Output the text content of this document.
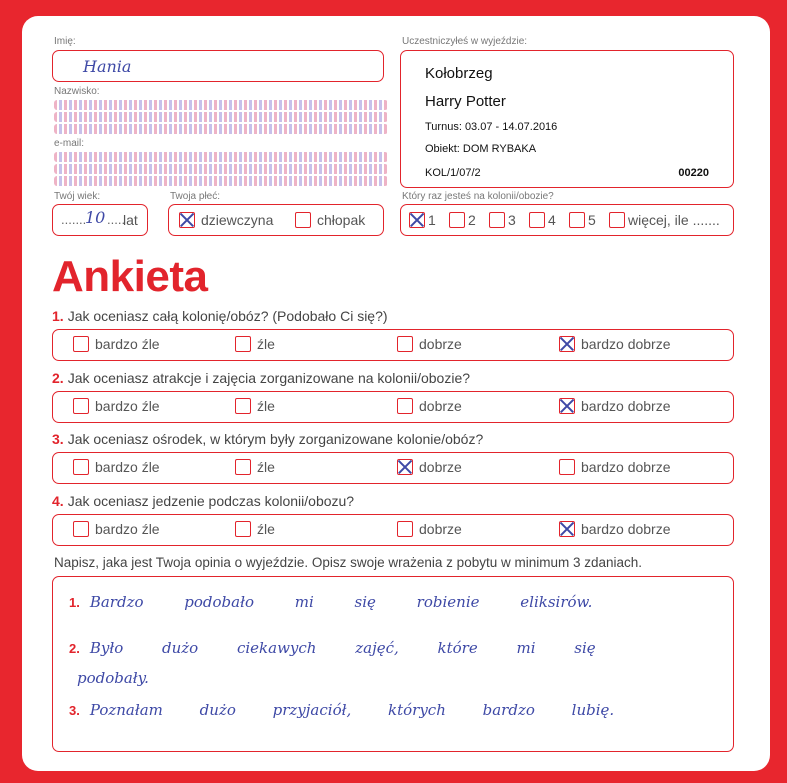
Imię:
Hania
Nazwisko:
e-mail:
Twój wiek:
.......
10 .....
lat
Twoja płeć:
dziewczyna	chłopak
Uczestniczyłeś w wyjeździe:
Kołobrzeg
Harry Potter
Turnus: 03.07 - 14.07.2016
Obiekt: DOM RYBAKA
KOL/1/07/2	00220
Który raz jesteś na kolonii/obozie?
1 2 3 4 5 więcej, ile .......
Ankieta
1. Jak oceniasz całą kolonię/obóz? (Podobało Ci się?)
bardzo źle	źle	dobrze	bardzo dobrze
2. Jak oceniasz atrakcje i zajęcia zorganizowane na kolonii/obozie?
bardzo źle	źle	dobrze	bardzo dobrze
3. Jak oceniasz ośrodek, w którym były zorganizowane kolonie/obóz?
bardzo źle	źle	dobrze	bardzo dobrze
4. Jak oceniasz jedzenie podczas kolonii/obozu?
bardzo źle	źle	dobrze	bardzo dobrze
Napisz, jaka jest Twoja opinia o wyjeździe. Opisz swoje wrażenia z pobytu w minimum 3 zdaniach.
1. Bardzo podobało mi się robienie eliksirów.
2. Było dużo ciekawych zajęć, które mi się
podobały.
3. Poznałam dużo przyjaciół, których bardzo lubię.
